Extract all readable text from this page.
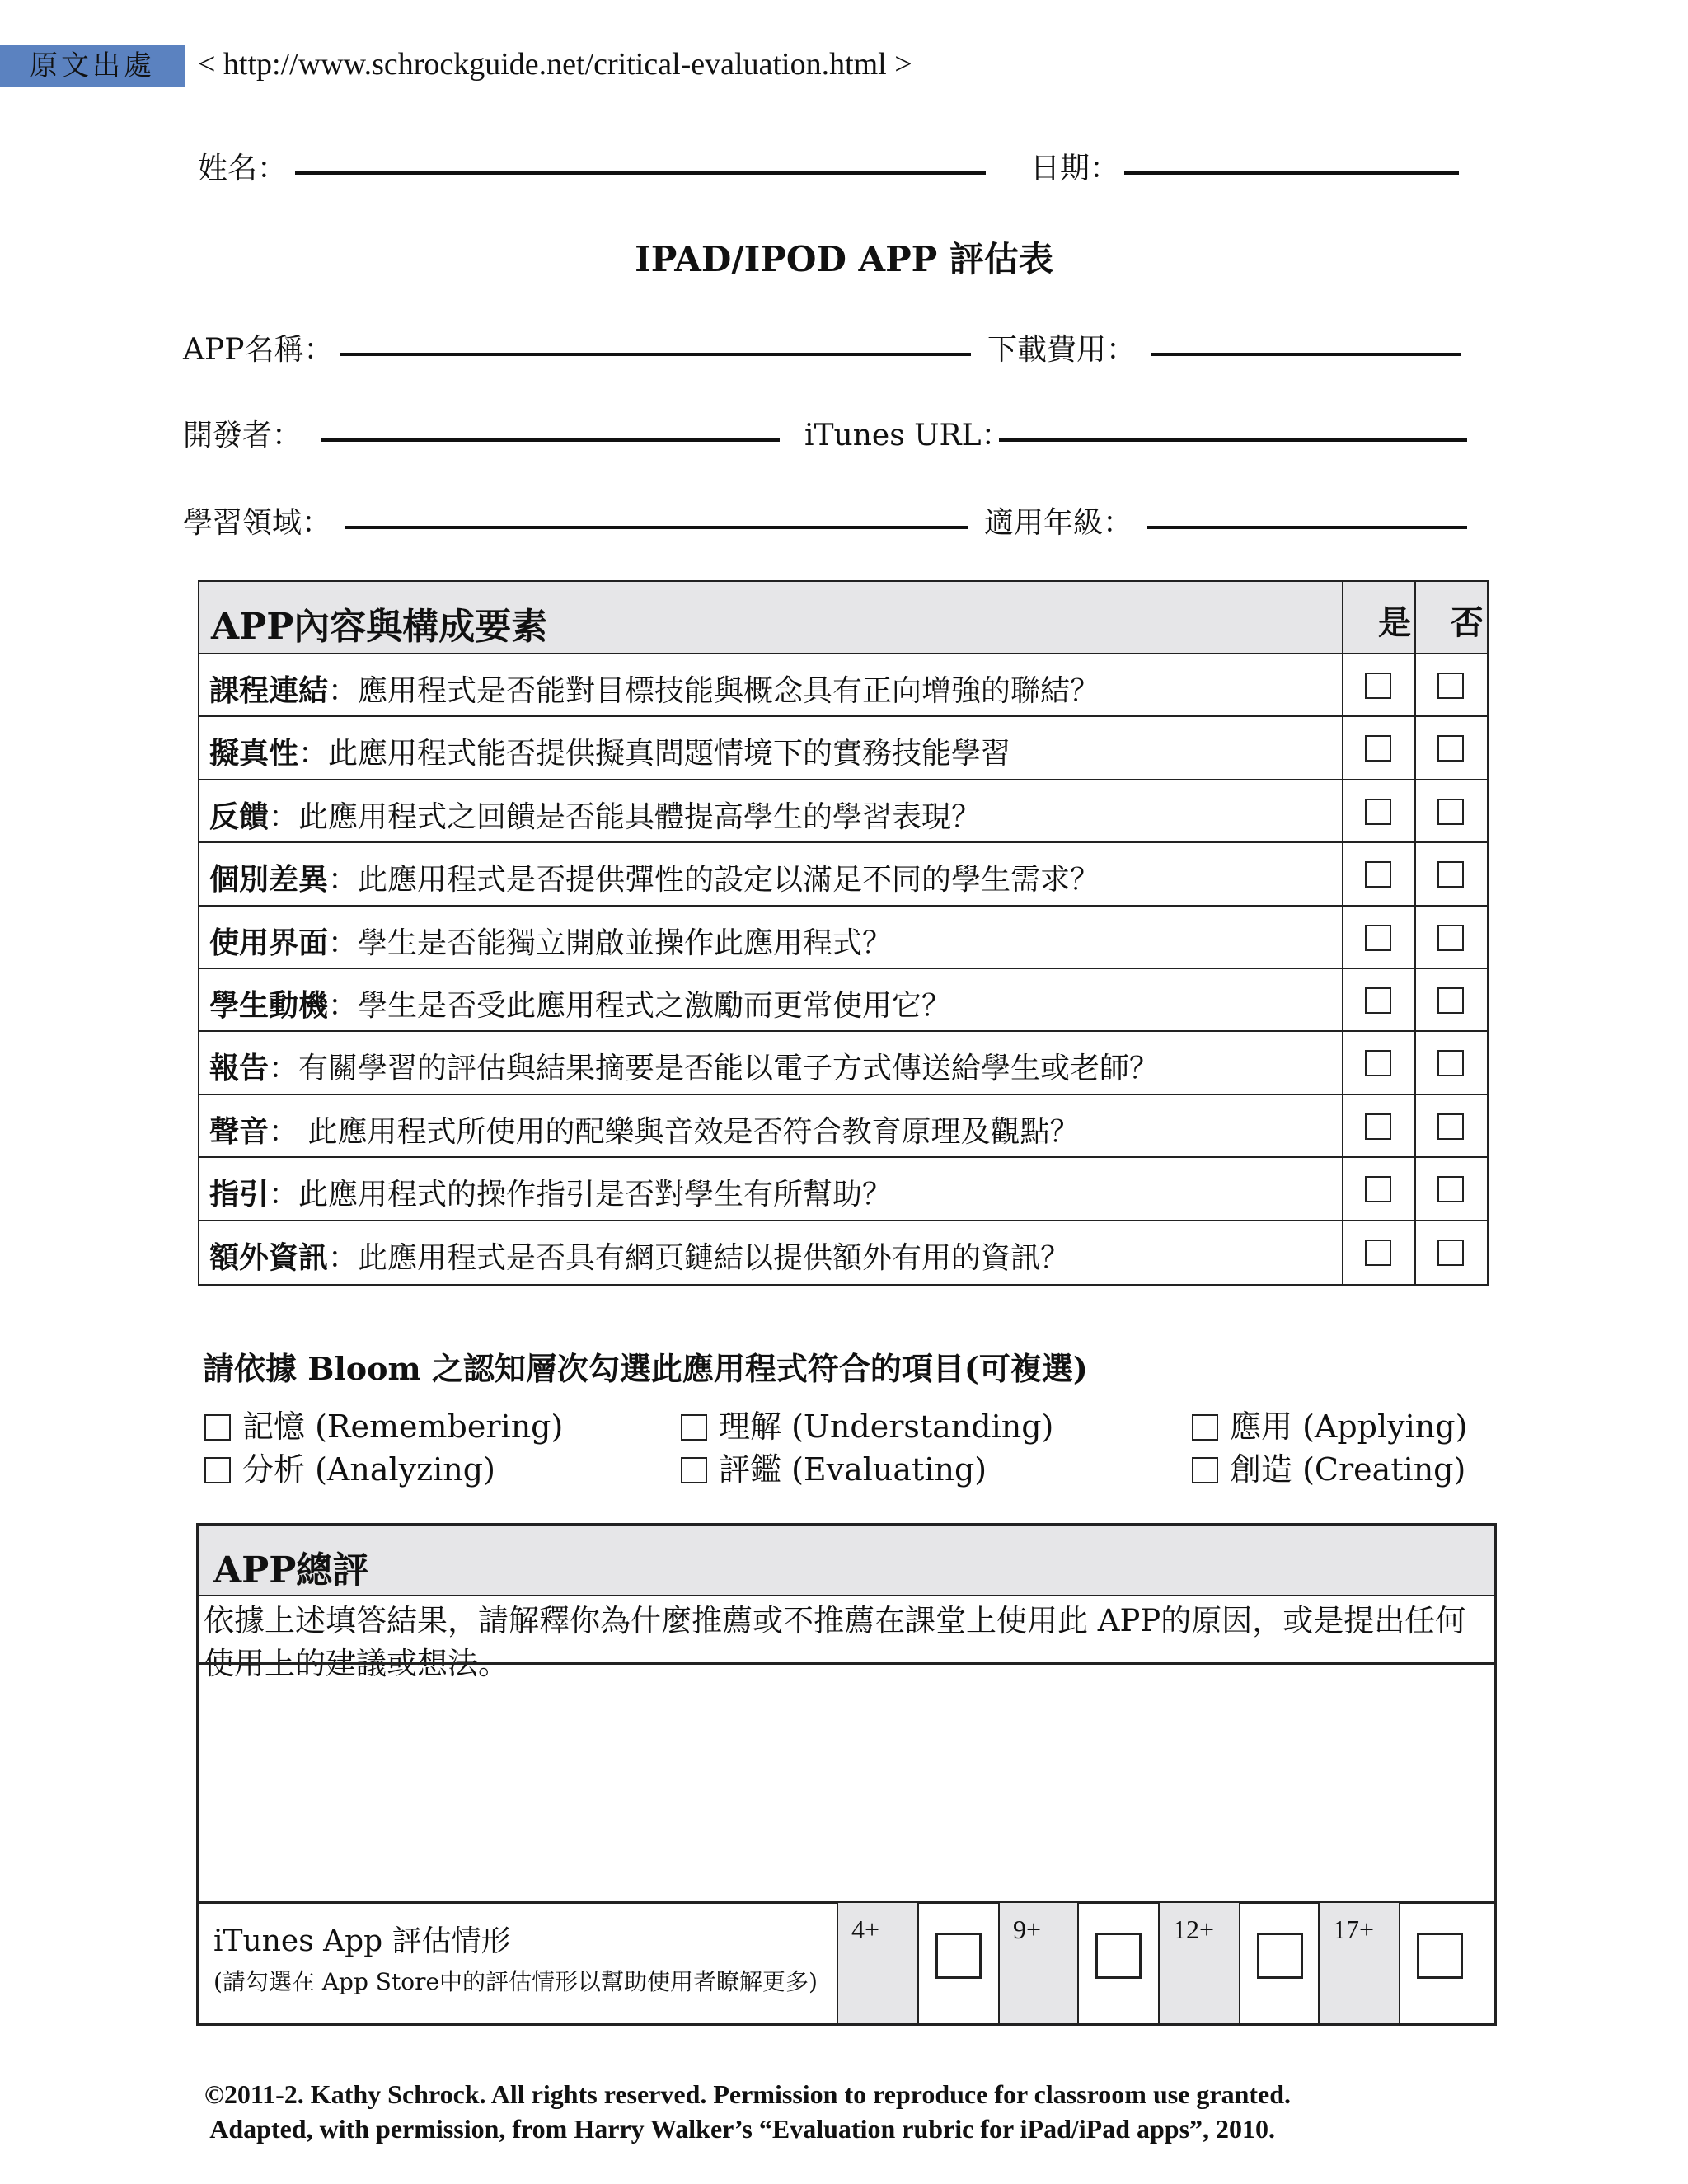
原文出處	< http://www.schrockguide.net/critical-evaluation.html >
姓名：	日期：
IPAD/IPOD APP 評估表
APP名稱：	下載費用：
開發者：	iTunes URL：
學習領域：	適用年級：
APP內容與構成要素	是 否
課程連結：應用程式是否能對目標技能與概念具有正向增強的聯結？
擬真性：此應用程式能否提供擬真問題情境下的實務技能學習
反饋：此應用程式之回饋是否能具體提高學生的學習表現？
個別差異：此應用程式是否提供彈性的設定以滿足不同的學生需求？
使用界面：學生是否能獨立開啟並操作此應用程式？
學生動機：學生是否受此應用程式之激勵而更常使用它？
報告：有關學習的評估與結果摘要是否能以電子方式傳送給學生或老師？
聲音： 此應用程式所使用的配樂與音效是否符合教育原理及觀點？
指引：此應用程式的操作指引是否對學生有所幫助？
額外資訊：此應用程式是否具有網頁鏈結以提供額外有用的資訊？
請依據 Bloom 之認知層次勾選此應用程式符合的項目(可複選)
記憶 (Remembering)	理解 (Understanding)	應用 (Applying)
分析 (Analyzing)	評鑑 (Evaluating)	創造 (Creating)
APP總評
依據上述填答結果，請解釋你為什麼推薦或不推薦在課堂上使用此 APP的原因，或是提出任何使用上的建議或想法。
iTunes App 評估情形
(請勾選在 App Store中的評估情形以幫助使用者瞭解更多)
4+	9+	12+	17+
©2011-2. Kathy Schrock. All rights reserved. Permission to reproduce for classroom use granted.
Adapted, with permission, from Harry Walker’s “Evaluation rubric for iPad/iPad apps”, 2010.
